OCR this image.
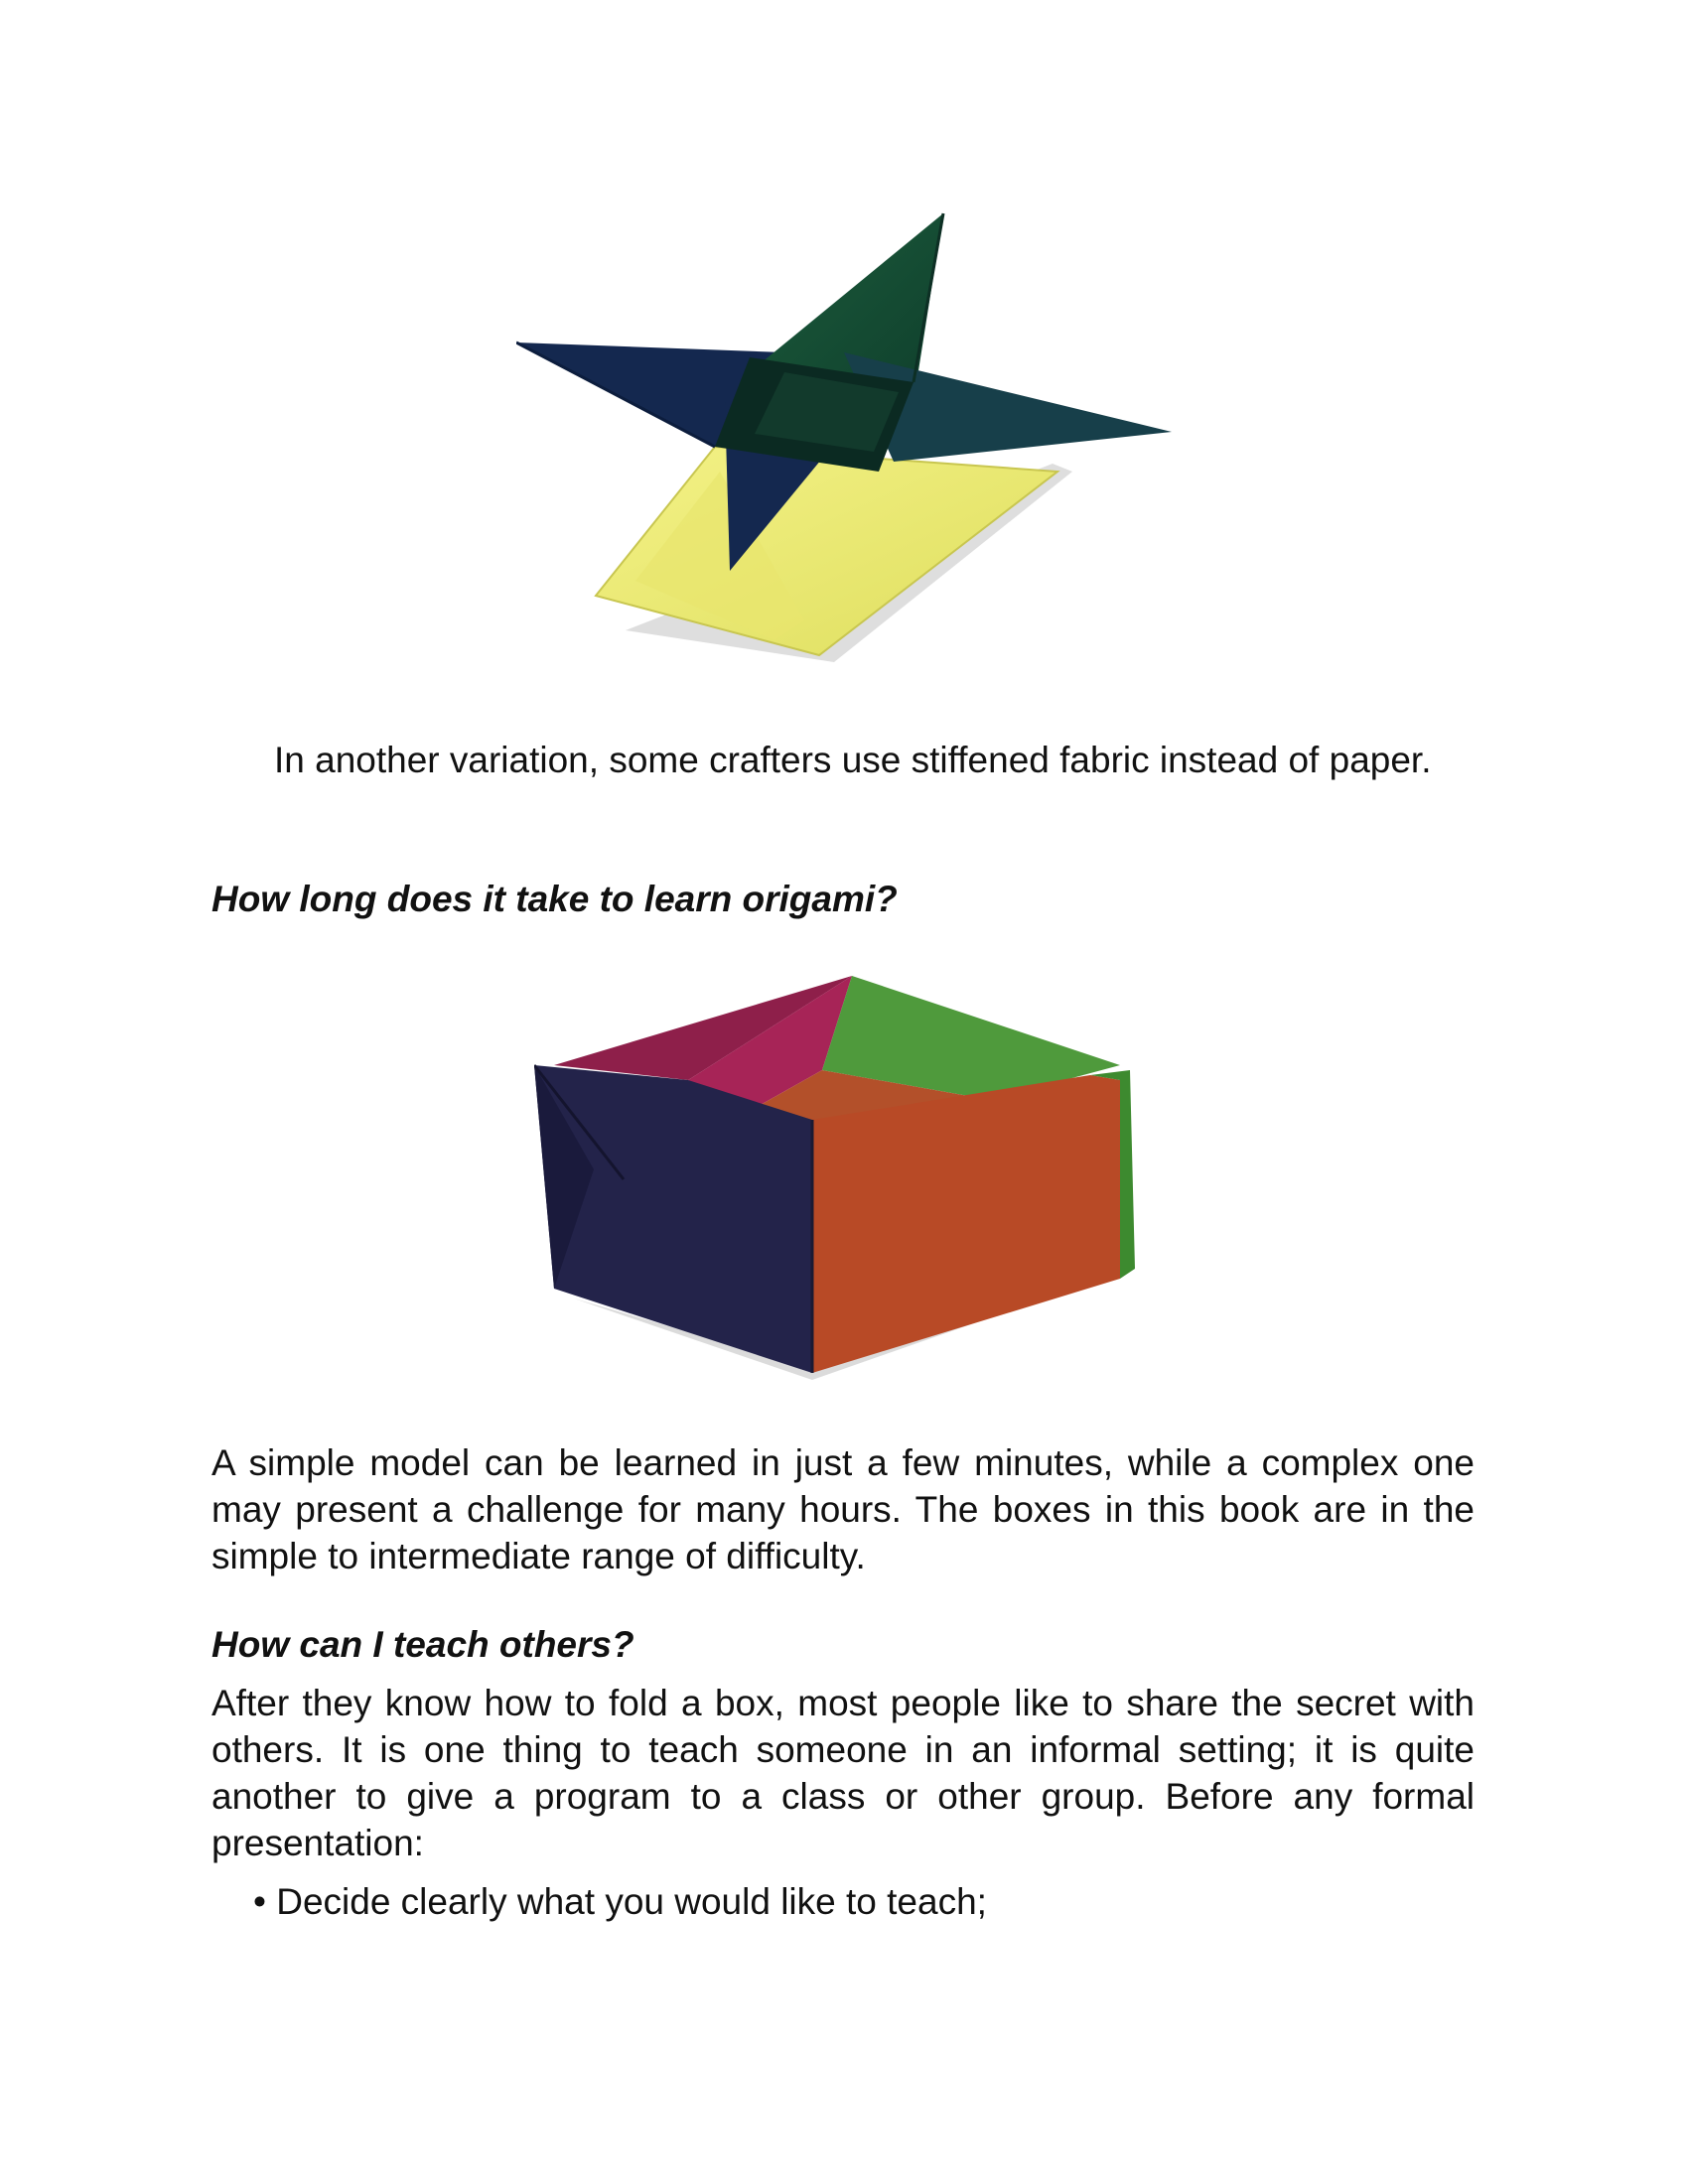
In another variation, some crafters use stiffened fabric instead of paper.

How long does it take to learn origami?

A simple model can be learned in just a few minutes, while a complex one may present a challenge for many hours. The boxes in this book are in the simple to intermediate range of difficulty.

How can I teach others?

After they know how to fold a box, most people like to share the secret with others. It is one thing to teach someone in an informal setting; it is quite another to give a program to a class or other group. Before any formal presentation:

• Decide clearly what you would like to teach;
